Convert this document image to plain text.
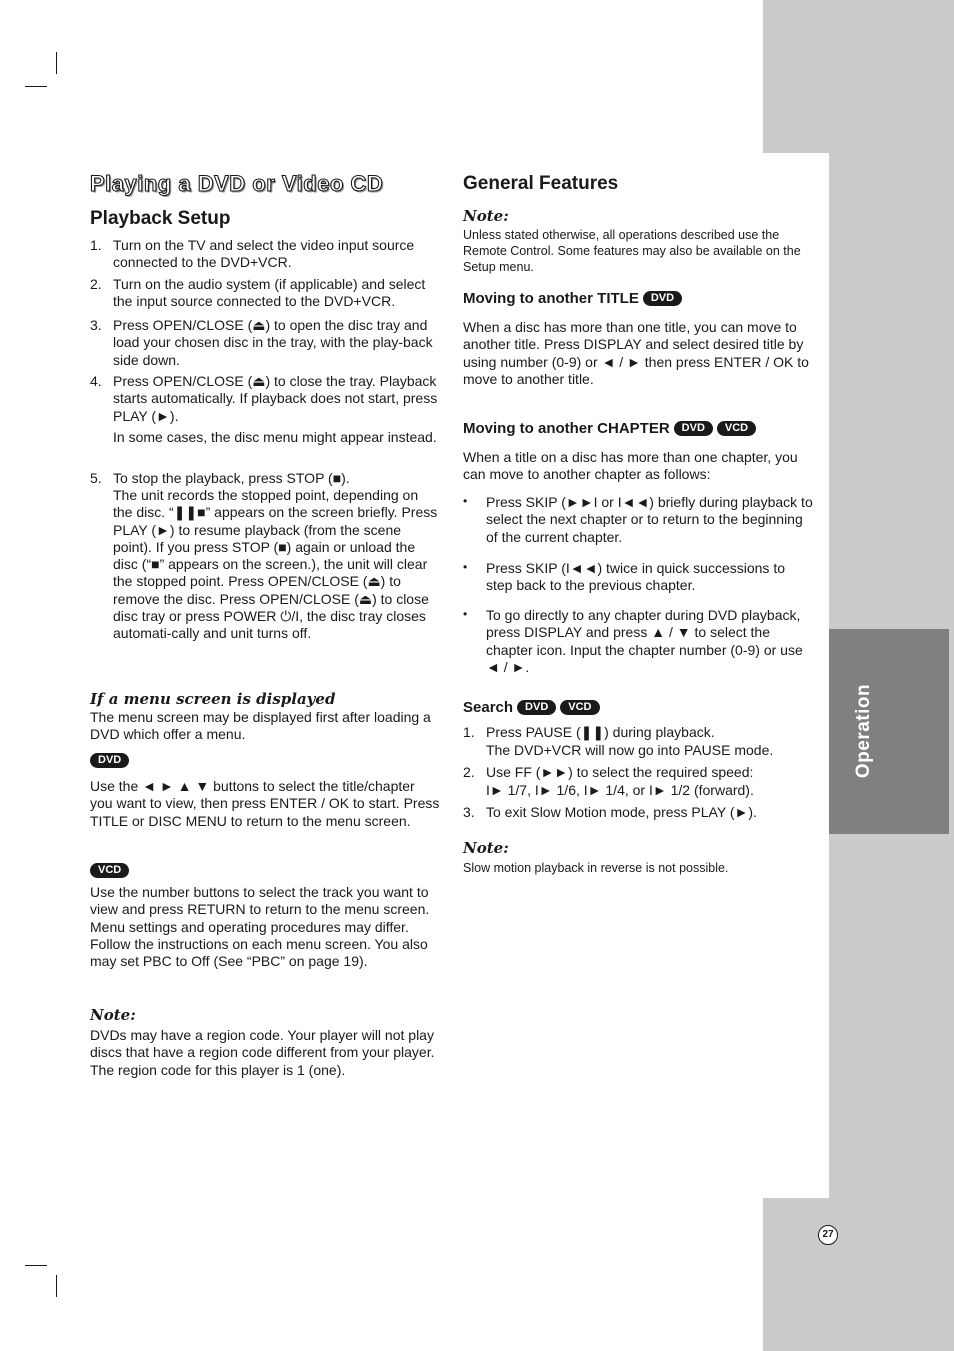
Operation
27
Playing a DVD or Video CD
Playback Setup
1. Turn on the TV and select the video input source connected to the DVD+VCR.
2. Turn on the audio system (if applicable) and select the input source connected to the DVD+VCR.
3. Press OPEN/CLOSE (⏏) to open the disc tray and load your chosen disc in the tray, with the play-back side down.
4. Press OPEN/CLOSE (⏏) to close the tray. Playback starts automatically. If playback does not start, press PLAY (►).
In some cases, the disc menu might appear instead.
5. To stop the playback, press STOP (■).
The unit records the stopped point, depending on the disc. “❚❚■” appears on the screen briefly. Press PLAY (►) to resume playback (from the scene point). If you press STOP (■) again or unload the disc (“■” appears on the screen.), the unit will clear the stopped point. Press OPEN/CLOSE (⏏) to remove the disc. Press OPEN/CLOSE (⏏) to close disc tray or press POWER ⏻/I, the disc tray closes automati-cally and unit turns off.
If a menu screen is displayed
The menu screen may be displayed first after loading a DVD which offer a menu.
DVD
Use the ◄ ► ▲ ▼ buttons to select the title/chapter you want to view, then press ENTER / OK to start. Press TITLE or DISC MENU to return to the menu screen.
VCD
Use the number buttons to select the track you want to view and press RETURN to return to the menu screen. Menu settings and operating procedures may differ. Follow the instructions on each menu screen. You also may set PBC to Off (See “PBC” on page 19).
Note:
DVDs may have a region code. Your player will not play discs that have a region code different from your player. The region code for this player is 1 (one).
General Features
Note:
Unless stated otherwise, all operations described use the Remote Control. Some features may also be available on the Setup menu.
Moving to another TITLE DVD
When a disc has more than one title, you can move to another title. Press DISPLAY and select desired title by using number (0-9) or ◄ / ► then press ENTER / OK to move to another title.
Moving to another CHAPTER DVD VCD
When a title on a disc has more than one chapter, you can move to another chapter as follows:
• Press SKIP (►►I or I◄◄) briefly during playback to select the next chapter or to return to the beginning of the current chapter.
• Press SKIP (I◄◄) twice in quick successions to step back to the previous chapter.
• To go directly to any chapter during DVD playback, press DISPLAY and press ▲ / ▼ to select the chapter icon. Input the chapter number (0-9) or use ◄ / ►.
Search DVD VCD
1. Press PAUSE (❚❚) during playback.
The DVD+VCR will now go into PAUSE mode.
2. Use FF (►►) to select the required speed:
I► 1/7, I► 1/6, I► 1/4, or I► 1/2 (forward).
3. To exit Slow Motion mode, press PLAY (►).
Note:
Slow motion playback in reverse is not possible.
